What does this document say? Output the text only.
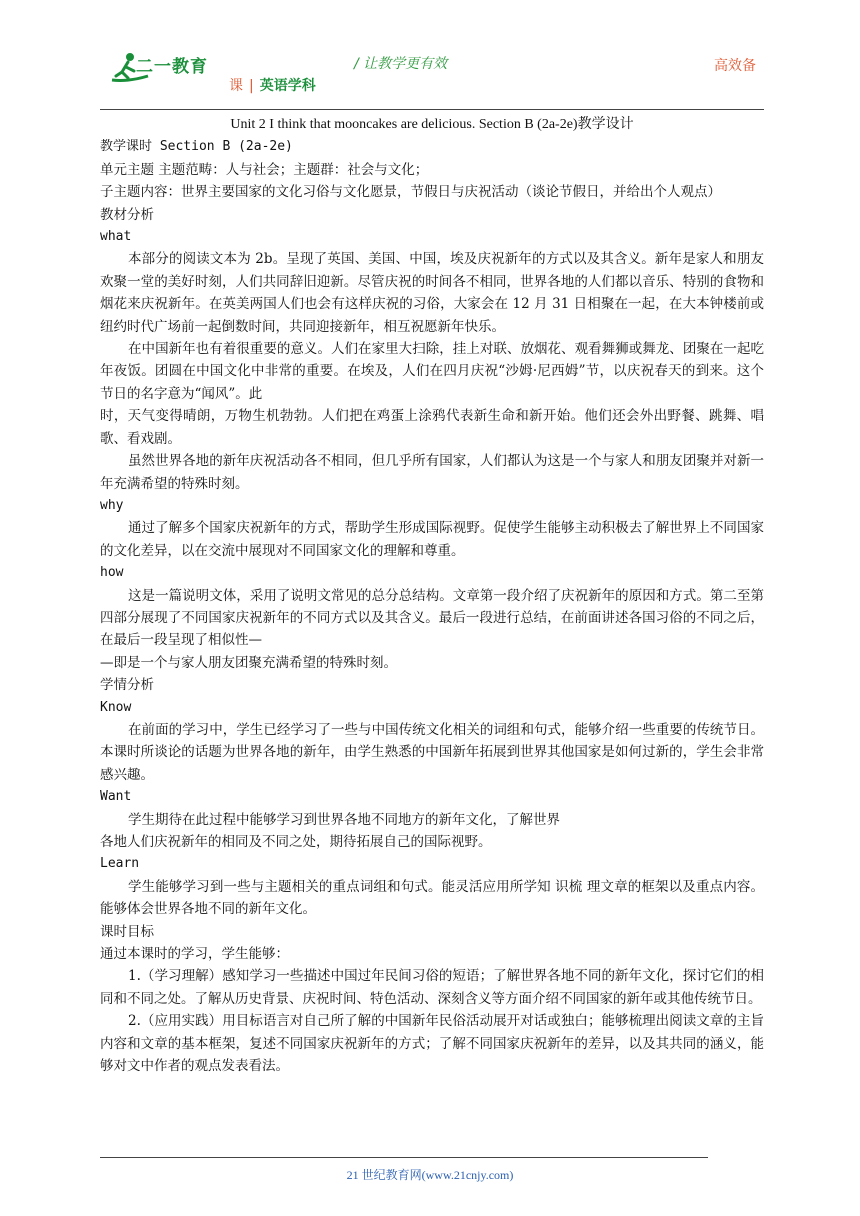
二一教育	/ 让教学更有效	高效备
课 | 英语学科

Unit 2 I think that mooncakes are delicious. Section B (2a-2e)教学设计

教学课时 Section B (2a-2e)

单元主题 主题范畴：人与社会；主题群：社会与文化；

子主题内容：世界主要国家的文化习俗与文化愿景，节假日与庆祝活动（谈论节假日，并给出个人观点）

教材分析

what

本部分的阅读文本为 2b。呈现了英国、美国、中国，埃及庆祝新年的方式以及其含义。新年是家人和朋友欢聚一堂的美好时刻，人们共同辞旧迎新。尽管庆祝的时间各不相同，世界各地的人们都以音乐、特别的食物和烟花来庆祝新年。在英美两国人们也会有这样庆祝的习俗，大家会在 12 月 31 日相聚在一起，在大本钟楼前或纽约时代广场前一起倒数时间，共同迎接新年，相互祝愿新年快乐。

在中国新年也有着很重要的意义。人们在家里大扫除，挂上对联、放烟花、观看舞狮或舞龙、团聚在一起吃年夜饭。团圆在中国文化中非常的重要。在埃及，人们在四月庆祝“沙姆·尼西姆”节，以庆祝春天的到来。这个节日的名字意为“闻风”。此

时，天气变得晴朗，万物生机勃勃。人们把在鸡蛋上涂鸦代表新生命和新开始。他们还会外出野餐、跳舞、唱歌、看戏剧。

虽然世界各地的新年庆祝活动各不相同，但几乎所有国家，人们都认为这是一个与家人和朋友团聚并对新一年充满希望的特殊时刻。

why

通过了解多个国家庆祝新年的方式，帮助学生形成国际视野。促使学生能够主动积极去了解世界上不同国家的文化差异，以在交流中展现对不同国家文化的理解和尊重。

how

这是一篇说明文体，采用了说明文常见的总分总结构。文章第一段介绍了庆祝新年的原因和方式。第二至第四部分展现了不同国家庆祝新年的不同方式以及其含义。最后一段进行总结，在前面讲述各国习俗的不同之后，在最后一段呈现了相似性—

—即是一个与家人朋友团聚充满希望的特殊时刻。

学情分析

Know

在前面的学习中，学生已经学习了一些与中国传统文化相关的词组和句式，能够介绍一些重要的传统节日。本课时所谈论的话题为世界各地的新年，由学生熟悉的中国新年拓展到世界其他国家是如何过新的，学生会非常感兴趣。

Want

学生期待在此过程中能够学习到世界各地不同地方的新年文化，了解世界

各地人们庆祝新年的相同及不同之处，期待拓展自己的国际视野。

Learn

学生能够学习到一些与主题相关的重点词组和句式。能灵活应用所学知 识梳 理文章的框架以及重点内容。能够体会世界各地不同的新年文化。

课时目标

通过本课时的学习，学生能够：

1.（学习理解）感知学习一些描述中国过年民间习俗的短语；了解世界各地不同的新年文化，探讨它们的相同和不同之处。了解从历史背景、庆祝时间、特色活动、深刻含义等方面介绍不同国家的新年或其他传统节日。

2.（应用实践）用目标语言对自己所了解的中国新年民俗活动展开对话或独白；能够梳理出阅读文章的主旨内容和文章的基本框架，复述不同国家庆祝新年的方式；了解不同国家庆祝新年的差异，以及其共同的涵义，能够对文中作者的观点发表看法。

21 世纪教育网(www.21cnjy.com)
